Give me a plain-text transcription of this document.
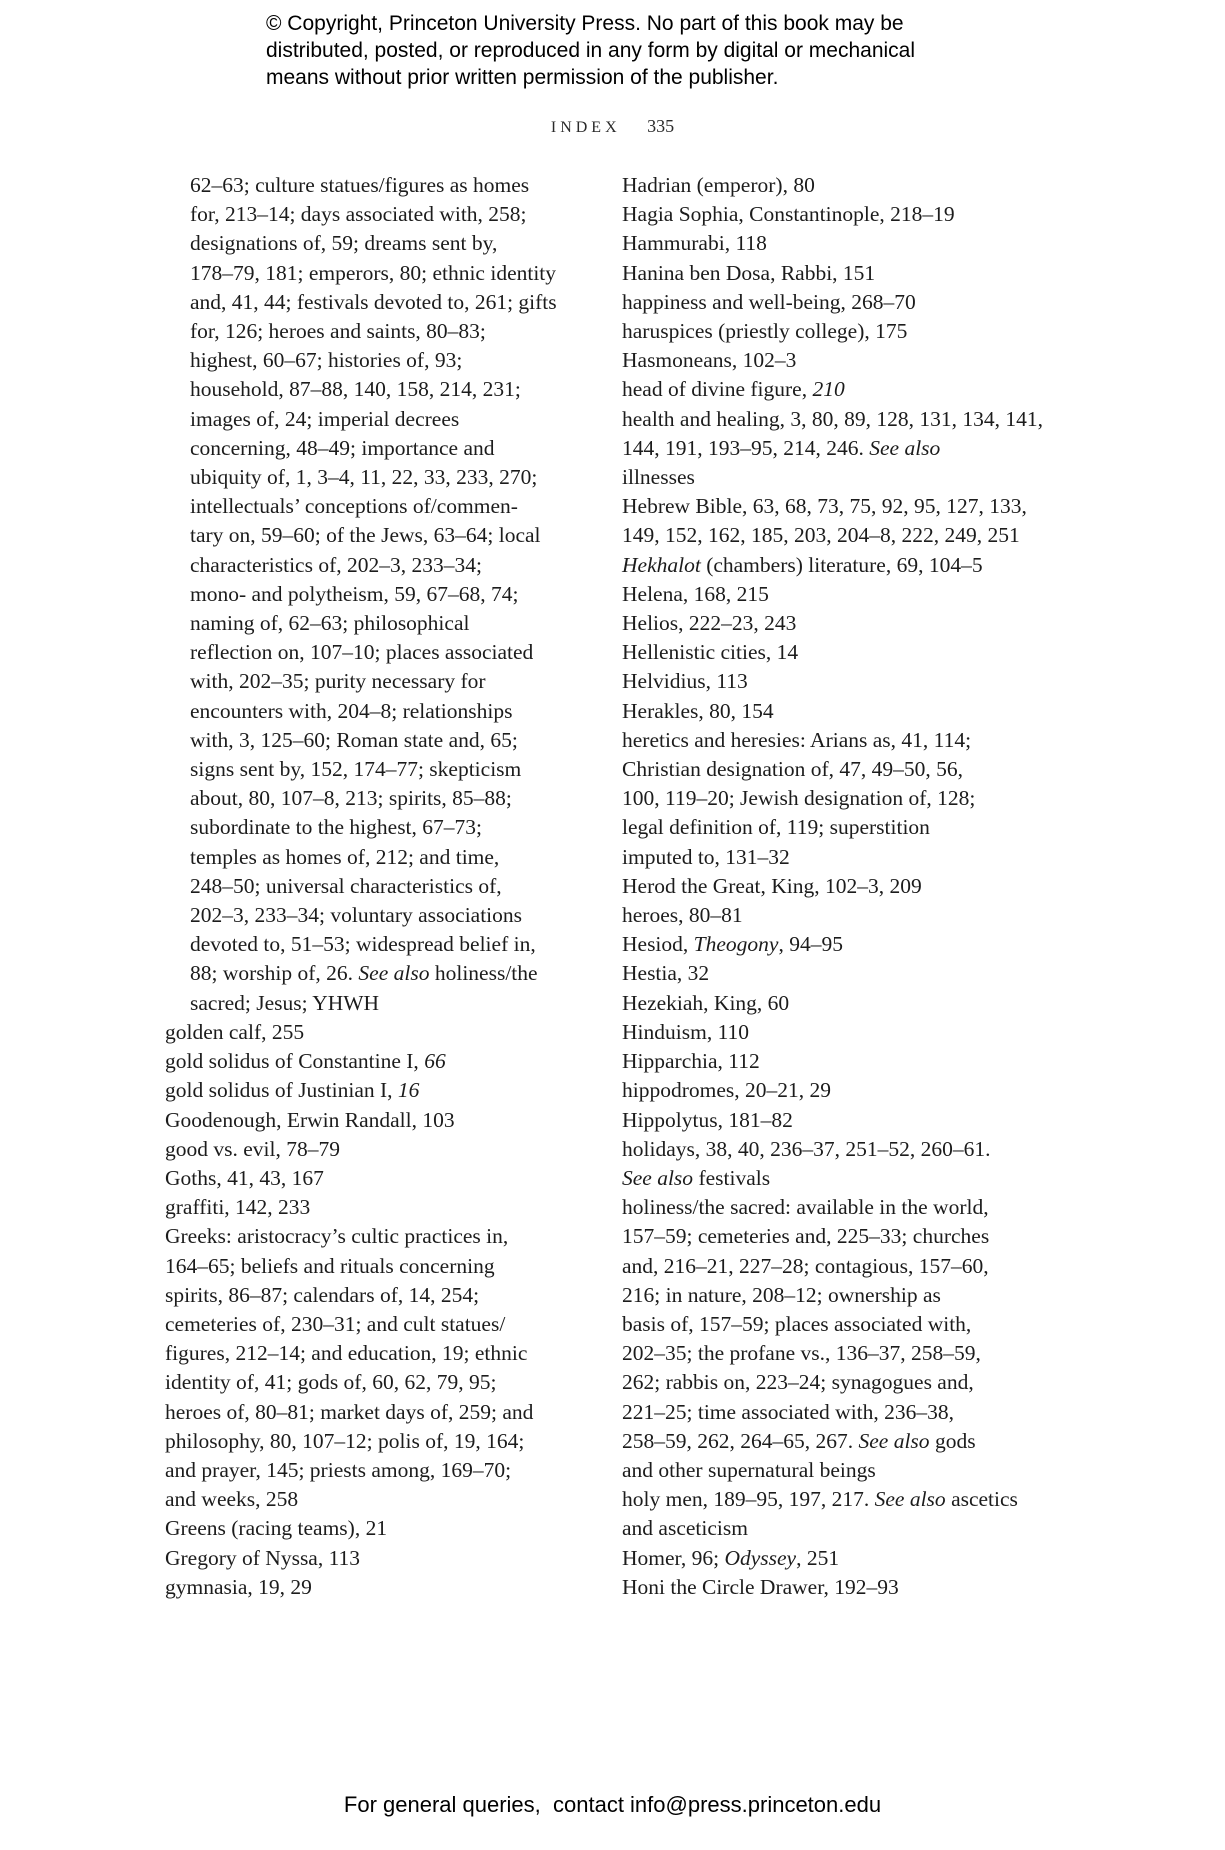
© Copyright, Princeton University Press. No part of this book may be

distributed, posted, or reproduced in any form by digital or mechanical

means without prior written permission of the publisher.

INDEX 335
62–63; culture statues/figures as homes
for, 213–14; days associated with, 258;
designations of, 59; dreams sent by,
178–79, 181; emperors, 80; ethnic identity
and, 41, 44; festivals devoted to, 261; gifts
for, 126; heroes and saints, 80–83;
highest, 60–67; histories of, 93;
household, 87–88, 140, 158, 214, 231;
images of, 24; imperial decrees
concerning, 48–49; importance and
ubiquity of, 1, 3–4, 11, 22, 33, 233, 270;
intellectuals’ conceptions of/commen-
tary on, 59–60; of the Jews, 63–64; local
characteristics of, 202–3, 233–34;
mono- and polytheism, 59, 67–68, 74;
naming of, 62–63; philosophical
reflection on, 107–10; places associated
with, 202–35; purity necessary for
encounters with, 204–8; relationships
with, 3, 125–60; Roman state and, 65;
signs sent by, 152, 174–77; skepticism
about, 80, 107–8, 213; spirits, 85–88;
subordinate to the highest, 67–73;
temples as homes of, 212; and time,
248–50; universal characteristics of,
202–3, 233–34; voluntary associations
devoted to, 51–53; widespread belief in,
88; worship of, 26. See also holiness/the
sacred; Jesus; YHWH
golden calf, 255
gold solidus of Constantine I, 66
gold solidus of Justinian I, 16
Goodenough, Erwin Randall, 103
good vs. evil, 78–79
Goths, 41, 43, 167
graffiti, 142, 233
Greeks: aristocracy’s cultic practices in,
164–65; beliefs and rituals concerning
spirits, 86–87; calendars of, 14, 254;
cemeteries of, 230–31; and cult statues/
figures, 212–14; and education, 19; ethnic
identity of, 41; gods of, 60, 62, 79, 95;
heroes of, 80–81; market days of, 259; and
philosophy, 80, 107–12; polis of, 19, 164;
and prayer, 145; priests among, 169–70;
and weeks, 258
Greens (racing teams), 21
Gregory of Nyssa, 113
gymnasia, 19, 29
Hadrian (emperor), 80
Hagia Sophia, Constantinople, 218–19
Hammurabi, 118
Hanina ben Dosa, Rabbi, 151
happiness and well-being, 268–70
haruspices (priestly college), 175
Hasmoneans, 102–3
head of divine figure, 210
health and healing, 3, 80, 89, 128, 131, 134, 141,
144, 191, 193–95, 214, 246. See also
illnesses
Hebrew Bible, 63, 68, 73, 75, 92, 95, 127, 133,
149, 152, 162, 185, 203, 204–8, 222, 249, 251
Hekhalot (chambers) literature, 69, 104–5
Helena, 168, 215
Helios, 222–23, 243
Hellenistic cities, 14
Helvidius, 113
Herakles, 80, 154
heretics and heresies: Arians as, 41, 114;
Christian designation of, 47, 49–50, 56,
100, 119–20; Jewish designation of, 128;
legal definition of, 119; superstition
imputed to, 131–32
Herod the Great, King, 102–3, 209
heroes, 80–81
Hesiod, Theogony, 94–95
Hestia, 32
Hezekiah, King, 60
Hinduism, 110
Hipparchia, 112
hippodromes, 20–21, 29
Hippolytus, 181–82
holidays, 38, 40, 236–37, 251–52, 260–61.
See also festivals
holiness/the sacred: available in the world,
157–59; cemeteries and, 225–33; churches
and, 216–21, 227–28; contagious, 157–60,
216; in nature, 208–12; ownership as
basis of, 157–59; places associated with,
202–35; the profane vs., 136–37, 258–59,
262; rabbis on, 223–24; synagogues and,
221–25; time associated with, 236–38,
258–59, 262, 264–65, 267. See also gods
and other supernatural beings
holy men, 189–95, 197, 217. See also ascetics
and asceticism
Homer, 96; Odyssey, 251
Honi the Circle Drawer, 192–93
For general queries,  contact info@press.princeton.edu
